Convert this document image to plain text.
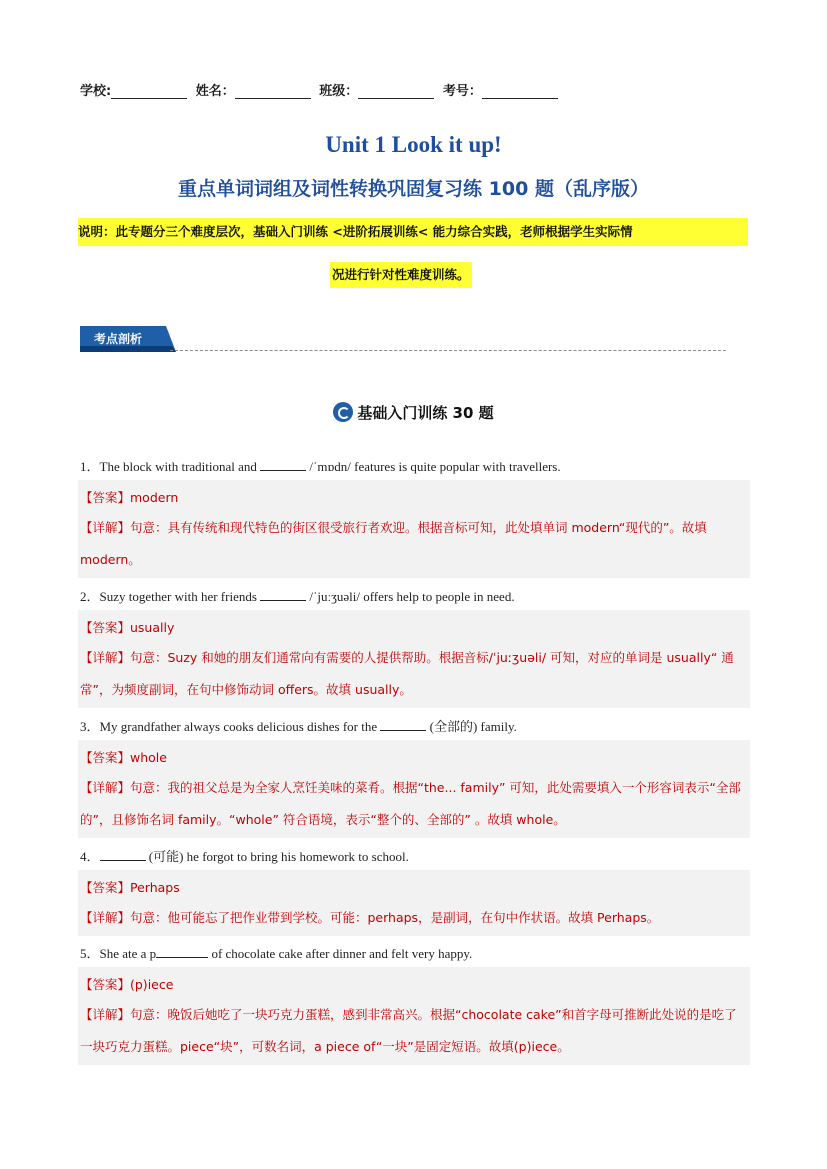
学校:	姓名：	班级：	考号：
Unit 1 Look it up!
重点单词词组及词性转换巩固复习练 100 题（乱序版）
说明：此专题分三个难度层次，基础入门训练 <进阶拓展训练< 能力综合实践，老师根据学生实际情
况进行针对性难度训练。
考点剖析
基础入门训练 30 题
1．The block with traditional and	/ˈmɒdn/ features is quite popular with travellers.
【答案】modern
【详解】句意：具有传统和现代特色的街区很受旅行者欢迎。根据音标可知，此处填单词 modern“现代的”。故填 modern。
2．Suzy together with her friends	/ˈjuːʒuəli/ offers help to people in need.
【答案】usually
【详解】句意：Suzy 和她的朋友们通常向有需要的人提供帮助。根据音标/ˈjuːʒuəli/ 可知，对应的单词是 usually“ 通常”，为频度副词，在句中修饰动词 offers。故填 usually。
3．My grandfather always cooks delicious dishes for the	(全部的) family.
【答案】whole
【详解】句意：我的祖父总是为全家人烹饪美味的菜肴。根据“the... family” 可知，此处需要填入一个形容词表示“全部的”，且修饰名词 family。“whole” 符合语境，表示“整个的、全部的” 。故填 whole。
4．	(可能) he forgot to bring his homework to school.
【答案】Perhaps
【详解】句意：他可能忘了把作业带到学校。可能：perhaps，是副词，在句中作状语。故填 Perhaps。
5．She ate a p	of chocolate cake after dinner and felt very happy.
【答案】(p)iece
【详解】句意：晚饭后她吃了一块巧克力蛋糕，感到非常高兴。根据“chocolate cake”和首字母可推断此处说的是吃了一块巧克力蛋糕。piece“块”，可数名词，a piece of“一块”是固定短语。故填(p)iece。
